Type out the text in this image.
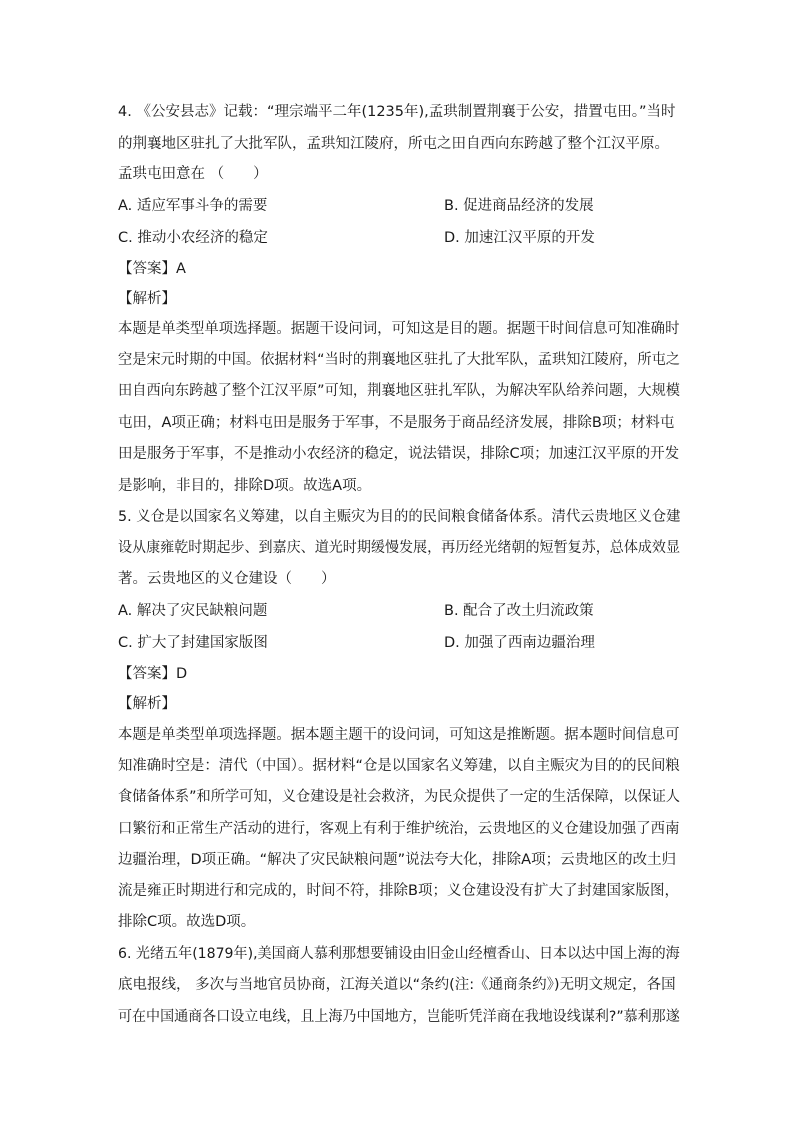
4. 《公安县志》记载：“理宗端平二年(1235年),孟珙制置荆襄于公安，措置屯田。”当时
的荆襄地区驻扎了大批军队，孟珙知江陵府，所屯之田自西向东跨越了整个江汉平原。
孟珙屯田意在 （　　）
A. 适应军事斗争的需要	B. 促进商品经济的发展
C. 推动小农经济的稳定	D. 加速江汉平原的开发
【答案】A
【解析】
本题是单类型单项选择题。据题干设问词，可知这是目的题。据题干时间信息可知准确时
空是宋元时期的中国。依据材料“当时的荆襄地区驻扎了大批军队，孟珙知江陵府，所屯之
田自西向东跨越了整个江汉平原”可知，荆襄地区驻扎军队，为解决军队给养问题，大规模
屯田，A项正确；材料屯田是服务于军事，不是服务于商品经济发展，排除B项；材料屯
田是服务于军事，不是推动小农经济的稳定，说法错误，排除C项；加速江汉平原的开发
是影响，非目的，排除D项。故选A项。
5. 义仓是以国家名义筹建，以自主赈灾为目的的民间粮食储备体系。清代云贵地区义仓建
设从康雍乾时期起步、到嘉庆、道光时期缓慢发展，再历经光绪朝的短暂复苏，总体成效显
著。云贵地区的义仓建设（　　）
A. 解决了灾民缺粮问题	B. 配合了改土归流政策
C. 扩大了封建国家版图	D. 加强了西南边疆治理
【答案】D
【解析】
本题是单类型单项选择题。据本题主题干的设问词，可知这是推断题。据本题时间信息可
知准确时空是：清代（中国）。据材料“仓是以国家名义筹建，以自主赈灾为目的的民间粮
食储备体系”和所学可知，义仓建设是社会救济，为民众提供了一定的生活保障，以保证人
口繁衍和正常生产活动的进行，客观上有利于维护统治，云贵地区的义仓建设加强了西南
边疆治理，D项正确。“解决了灾民缺粮问题”说法夸大化，排除A项；云贵地区的改土归
流是雍正时期进行和完成的，时间不符，排除B项；义仓建设没有扩大了封建国家版图，
排除C项。故选D项。
6. 光绪五年(1879年),美国商人慕利那想要铺设由旧金山经檀香山、日本以达中国上海的海
底电报线， 多次与当地官员协商，江海关道以“条约(注:《通商条约》)无明文规定，各国
可在中国通商各口设立电线，且上海乃中国地方，岂能听凭洋商在我地设线谋利?”慕利那遂
